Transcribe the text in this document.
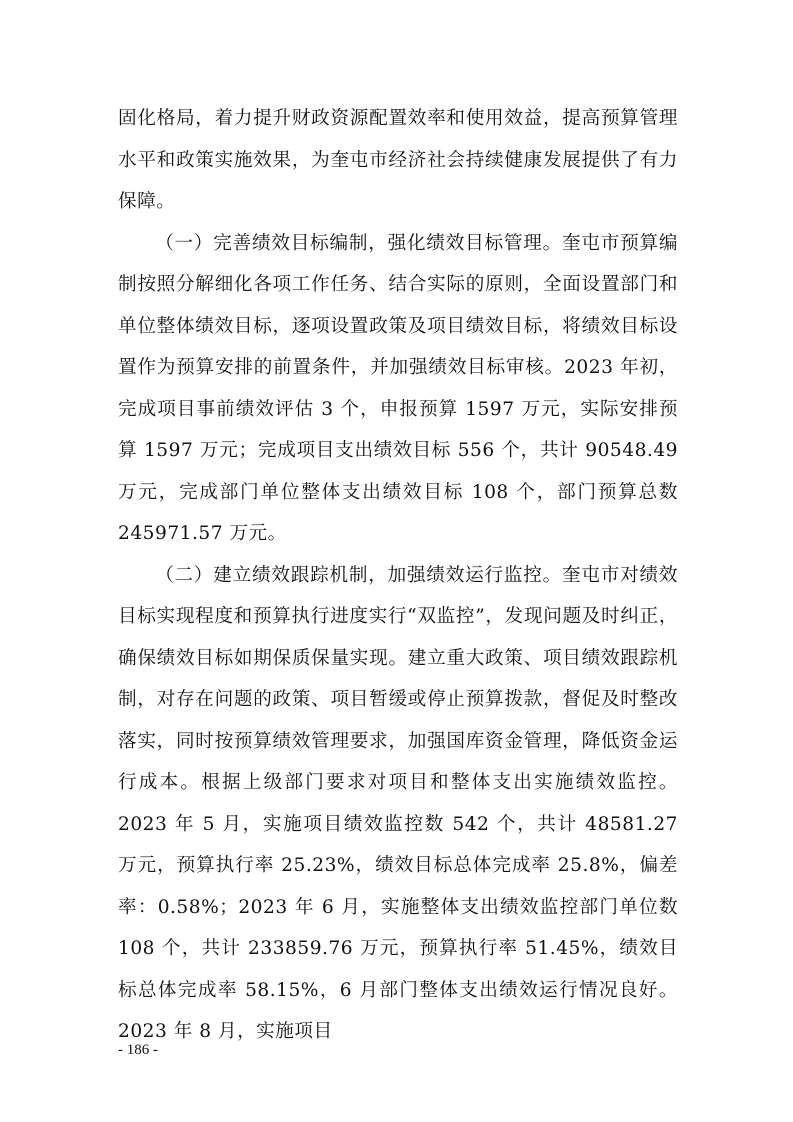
固化格局，着力提升财政资源配置效率和使用效益，提高预算管理水平和政策实施效果，为奎屯市经济社会持续健康发展提供了有力保障。

（一）完善绩效目标编制，强化绩效目标管理。奎屯市预算编制按照分解细化各项工作任务、结合实际的原则，全面设置部门和单位整体绩效目标，逐项设置政策及项目绩效目标，将绩效目标设置作为预算安排的前置条件，并加强绩效目标审核。2023 年初，完成项目事前绩效评估 3 个，申报预算 1597 万元，实际安排预算 1597 万元；完成项目支出绩效目标 556 个，共计 90548.49 万元，完成部门单位整体支出绩效目标 108 个，部门预算总数 245971.57 万元。

（二）建立绩效跟踪机制，加强绩效运行监控。奎屯市对绩效目标实现程度和预算执行进度实行“双监控”，发现问题及时纠正，确保绩效目标如期保质保量实现。建立重大政策、项目绩效跟踪机制，对存在问题的政策、项目暂缓或停止预算拨款，督促及时整改落实，同时按预算绩效管理要求，加强国库资金管理，降低资金运行成本。根据上级部门要求对项目和整体支出实施绩效监控。2023 年 5 月，实施项目绩效监控数 542 个，共计 48581.27 万元，预算执行率 25.23%，绩效目标总体完成率 25.8%，偏差率：0.58%；2023 年 6 月，实施整体支出绩效监控部门单位数 108 个，共计 233859.76 万元，预算执行率 51.45%，绩效目标总体完成率 58.15%，6 月部门整体支出绩效运行情况良好。2023 年 8 月，实施项目

- 186 -
